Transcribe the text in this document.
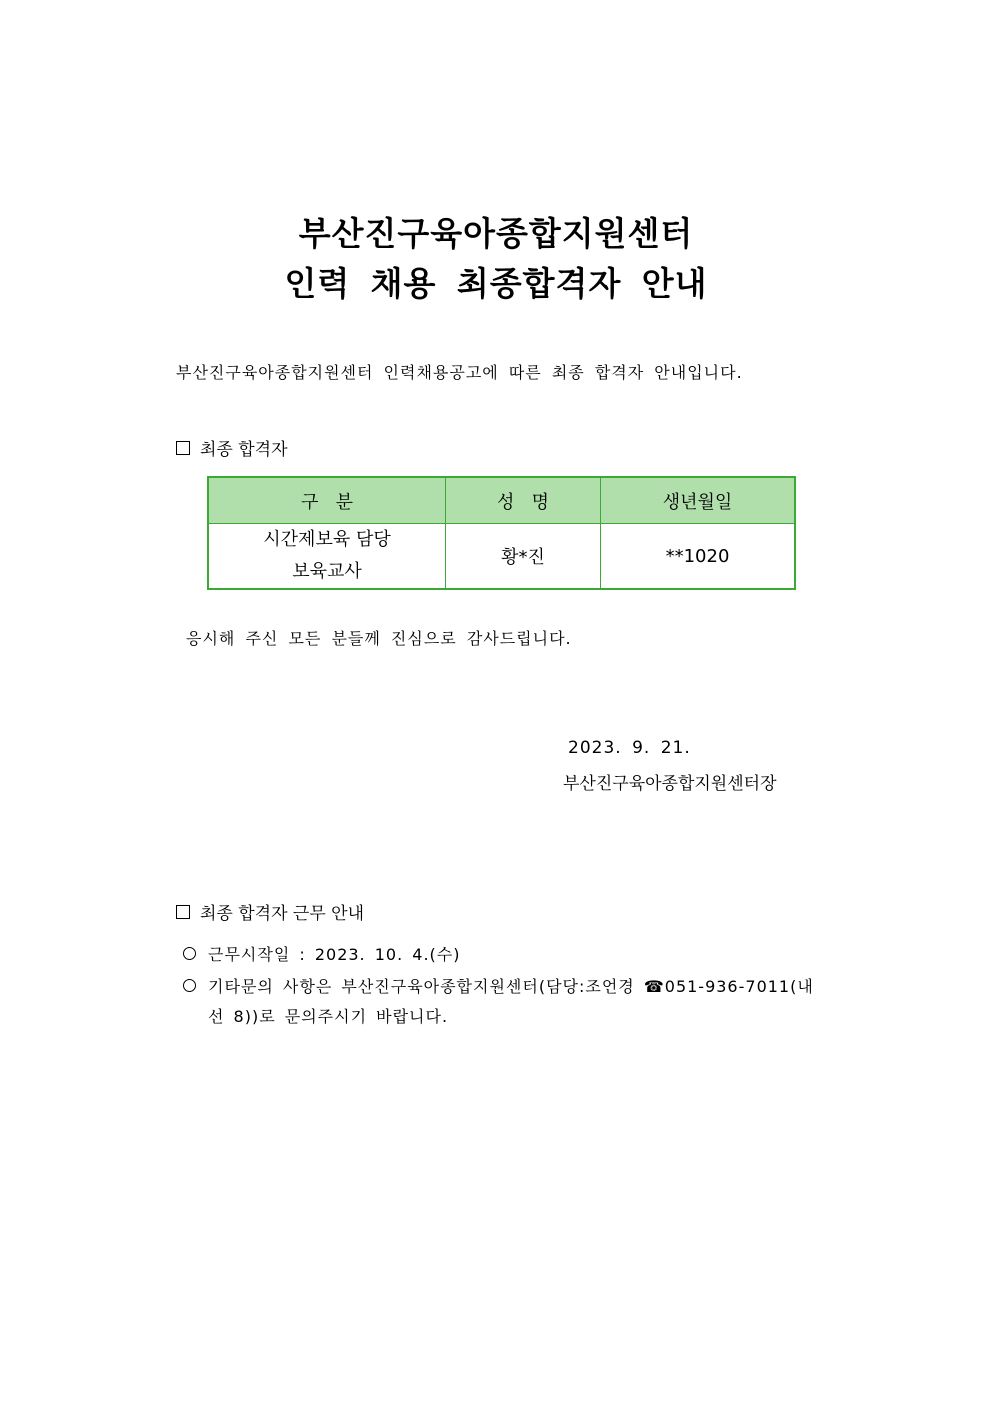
부산진구육아종합지원센터
인력 채용 최종합격자 안내
부산진구육아종합지원센터 인력채용공고에 따른 최종 합격자 안내입니다.
최종 합격자
구   분	성   명	생년월일

시간제보육 담당
보육교사	황*진	**1020
응시해 주신 모든 분들께 진심으로 감사드립니다.
2023. 9. 21.
부산진구육아종합지원센터장
최종 합격자 근무 안내
근무시작일 : 2023. 10. 4.(수)
기타문의 사항은 부산진구육아종합지원센터(담당:조언경 ☎051-936-7011(내
선 8))로 문의주시기 바랍니다.
